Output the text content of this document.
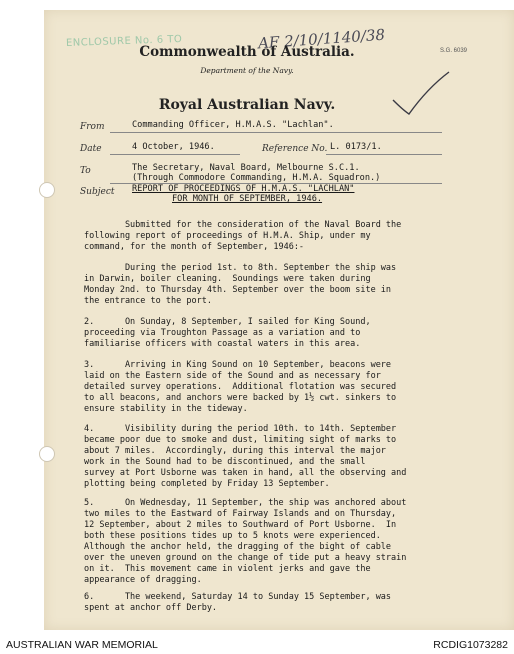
ENCLOSURE No. 6 TO	AF 2/10/1140/38	S.G. 6039
Commonwealth of Australia.
Department of the Navy.
Royal Australian Navy.
From	Commanding Officer, H.M.A.S. "Lachlan".
Date	4 October, 1946.	Reference No. L. 0173/1.
To	The Secretary, Naval Board, Melbourne S.C.1.
(Through Commodore Commanding, H.M.A. Squadron.)
Subject REPORT OF PROCEEDINGS OF H.M.A.S. "LACHLAN"
FOR MONTH OF SEPTEMBER, 1946.
Submitted for the consideration of the Naval Board the
following report of proceedings of H.M.A. Ship, under my
command, for the month of September, 1946:-
During the period 1st. to 8th. September the ship was
in Darwin, boiler cleaning.  Soundings were taken during
Monday 2nd. to Thursday 4th. September over the boom site in
the entrance to the port.
2.      On Sunday, 8 September, I sailed for King Sound,
proceeding via Troughton Passage as a variation and to
familiarise officers with coastal waters in this area.
3.      Arriving in King Sound on 10 September, beacons were
laid on the Eastern side of the Sound and as necessary for
detailed survey operations.  Additional flotation was secured
to all beacons, and anchors were backed by 1½ cwt. sinkers to
ensure stability in the tideway.
4.      Visibility during the period 10th. to 14th. September
became poor due to smoke and dust, limiting sight of marks to
about 7 miles.  Accordingly, during this interval the major
work in the Sound had to be discontinued, and the small
survey at Port Usborne was taken in hand, all the observing and
plotting being completed by Friday 13 September.
5.      On Wednesday, 11 September, the ship was anchored about
two miles to the Eastward of Fairway Islands and on Thursday,
12 September, about 2 miles to Southward of Port Usborne.  In
both these positions tides up to 5 knots were experienced.
Although the anchor held, the dragging of the bight of cable
over the uneven ground on the change of tide put a heavy strain
on it.  This movement came in violent jerks and gave the
appearance of dragging.
6.      The weekend, Saturday 14 to Sunday 15 September, was
spent at anchor off Derby.
AUSTRALIAN WAR MEMORIAL	RCDIG1073282
